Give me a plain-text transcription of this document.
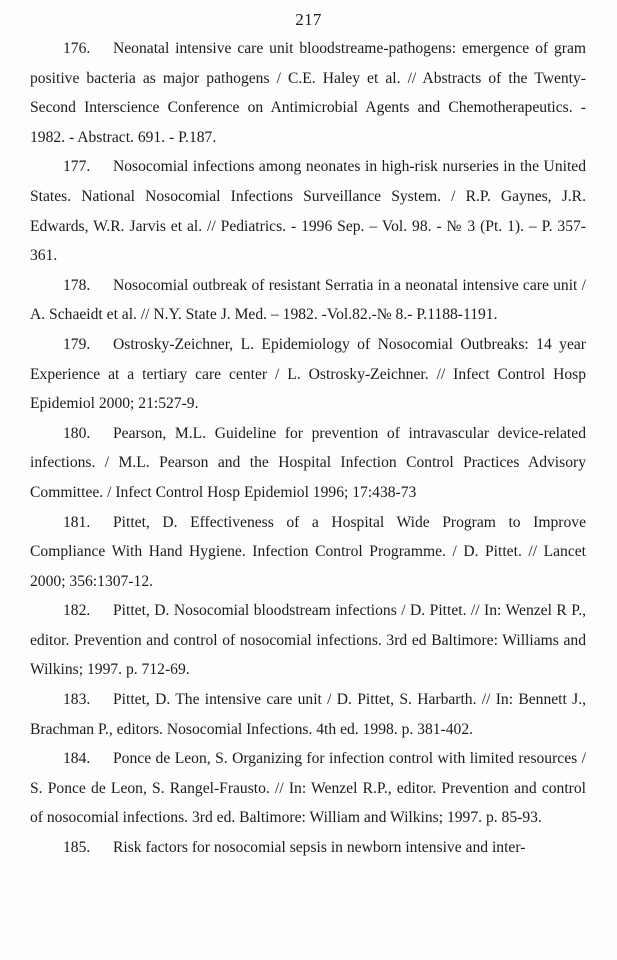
217

176. Neonatal intensive care unit bloodstreame-pathogens: emergence of gram positive bacteria as major pathogens / C.E. Haley et al. // Abstracts of the Twenty-Second Interscience Conference on Antimicrobial Agents and Chemotherapeutics. - 1982. - Abstract. 691. - P.187.

177. Nosocomial infections among neonates in high-risk nurseries in the United States. National Nosocomial Infections Surveillance System. / R.P. Gaynes, J.R. Edwards, W.R. Jarvis et al. // Pediatrics. - 1996 Sep. – Vol. 98. - № 3 (Pt. 1). – P. 357-361.

178. Nosocomial outbreak of resistant Serratia in a neonatal intensive care unit / A. Schaeidt et al. // N.Y. State J. Med. – 1982. -Vol.82.-№ 8.- P.1188-1191.

179. Ostrosky-Zeichner, L. Epidemiology of Nosocomial Outbreaks: 14 year Experience at a tertiary care center / L. Ostrosky-Zeichner. // Infect Control Hosp Epidemiol 2000; 21:527-9.

180. Pearson, M.L. Guideline for prevention of intravascular device-related infections. / M.L. Pearson and the Hospital Infection Control Practices Advisory Committee. / Infect Control Hosp Epidemiol 1996; 17:438-73

181. Pittet, D. Effectiveness of a Hospital Wide Program to Improve Compliance With Hand Hygiene. Infection Control Programme. / D. Pittet. // Lancet 2000; 356:1307-12.

182. Pittet, D. Nosocomial bloodstream infections / D. Pittet. // In: Wenzel R P., editor. Prevention and control of nosocomial infections. 3rd ed Baltimore: Williams and Wilkins; 1997. p. 712-69.

183. Pittet, D. The intensive care unit / D. Pittet, S. Harbarth. // In: Bennett J., Brachman P., editors. Nosocomial Infections. 4th ed. 1998. p. 381-402.

184. Ponce de Leon, S. Organizing for infection control with limited resources / S. Ponce de Leon, S. Rangel-Frausto. // In: Wenzel R.P., editor. Prevention and control of nosocomial infections. 3rd ed. Baltimore: William and Wilkins; 1997. p. 85-93.

185. Risk factors for nosocomial sepsis in newborn intensive and inter-
